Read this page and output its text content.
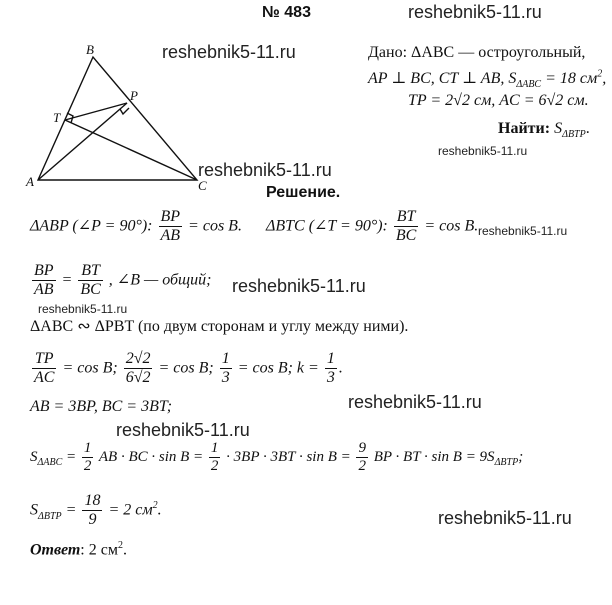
№ 483	reshebnik5-11.ru
reshebnik5-11.ru
reshebnik5-11.ru
reshebnik5-11.ru
reshebnik5-11.ru
reshebnik5-11.ru
reshebnik5-11.ru
reshebnik5-11.ru
reshebnik5-11.ru
reshebnik5-11.ru
B
P
T
A	C
Дано: ΔABC — остроугольный,
AP ⊥ BC, CT ⊥ AB, $S_{\Delta ABC} = 18$ $см^2$,
TP = 2√2 см, AC = 6√2 см.
Найти: $S_{\Delta BTP}$.
Решение.
ΔABP (∠P = 90°): $\frac{BP}{AB} = \cos B$. ΔBTC (∠T = 90°): $\frac{BT}{BC} = \cos B$.
$\frac{BP}{AB} = \frac{BT}{BC}$ , ∠B — общий;
ΔABC ∾ ΔPBT (по двум сторонам и углу между ними).
$\frac{TP}{AC} = \cos B$; $\frac{2√2}{6√2} = \cos B$; $\frac{1}{3} = \cos B$; $k = \frac{1}{3}$ .
AB = 3BP, BC = 3BT;
$S_{\Delta ABC} = \frac{1}{2}$ AB · BC · $\sin B = \frac{1}{2} \cdot 3BP \cdot 3BT \cdot \sin B = \frac{9}{2}$ BP · BT · $\sin B = 9S_{\Delta BTP}$;
$S_{\Delta BTP} = \frac{18}{9} = 2$ $см^2$.
Ответ: 2 $см^2$.
